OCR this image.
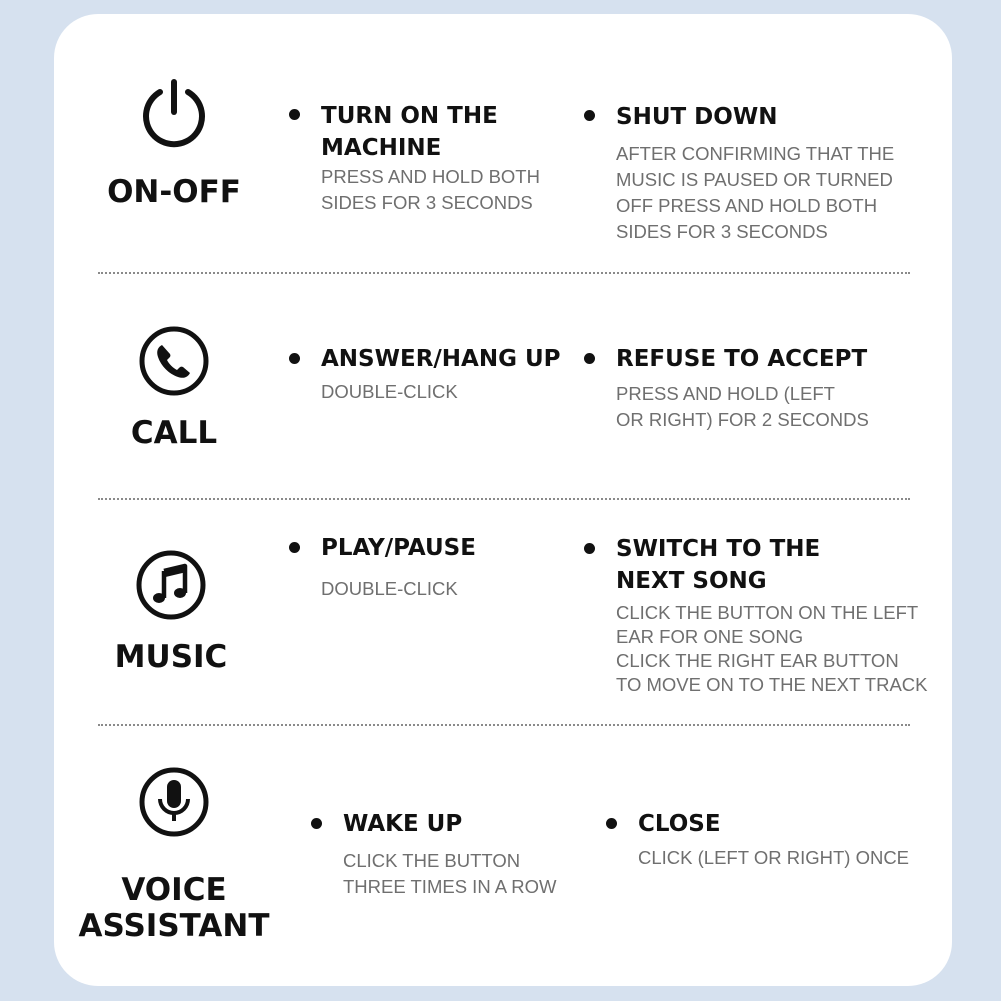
ON-OFF
TURN ON THE
MACHINE
PRESS AND HOLD BOTH
SIDES FOR 3 SECONDS
SHUT DOWN
AFTER CONFIRMING THAT THE
MUSIC IS PAUSED OR TURNED
OFF PRESS AND HOLD BOTH
SIDES FOR 3 SECONDS
CALL
ANSWER/HANG UP
DOUBLE-CLICK
REFUSE TO ACCEPT
PRESS AND HOLD (LEFT
OR RIGHT) FOR 2 SECONDS
MUSIC
PLAY/PAUSE
DOUBLE-CLICK
SWITCH TO THE
NEXT SONG
CLICK THE BUTTON ON THE LEFT
EAR FOR ONE SONG
CLICK THE RIGHT EAR BUTTON
TO MOVE ON TO THE NEXT TRACK
VOICE
ASSISTANT
WAKE UP
CLICK THE BUTTON
THREE TIMES IN A ROW
CLOSE
CLICK (LEFT OR RIGHT) ONCE
